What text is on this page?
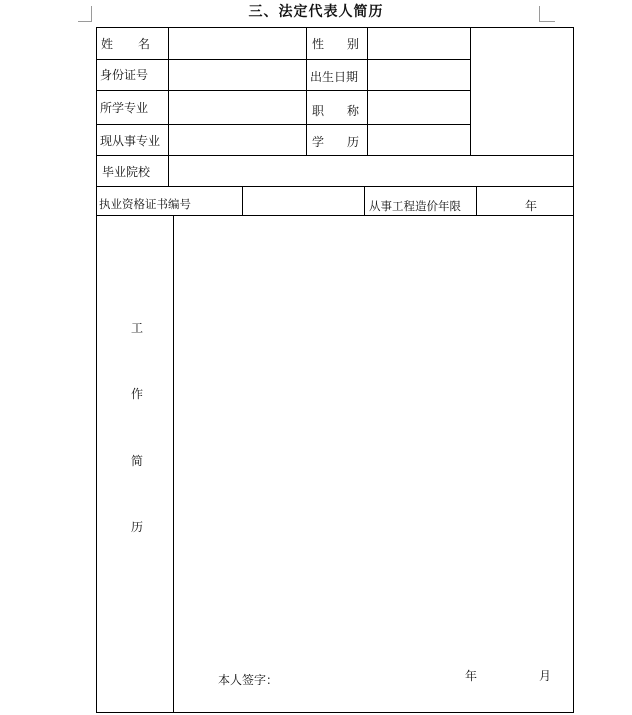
三、法定代表人简历
姓 名	性 别
身份证号	出生日期
所学专业	职 称
现从事专业	学 历
毕业院校
执业资格证书编号	从事工程造价年限	年
工
作
简
历
本人签字：	年	月
